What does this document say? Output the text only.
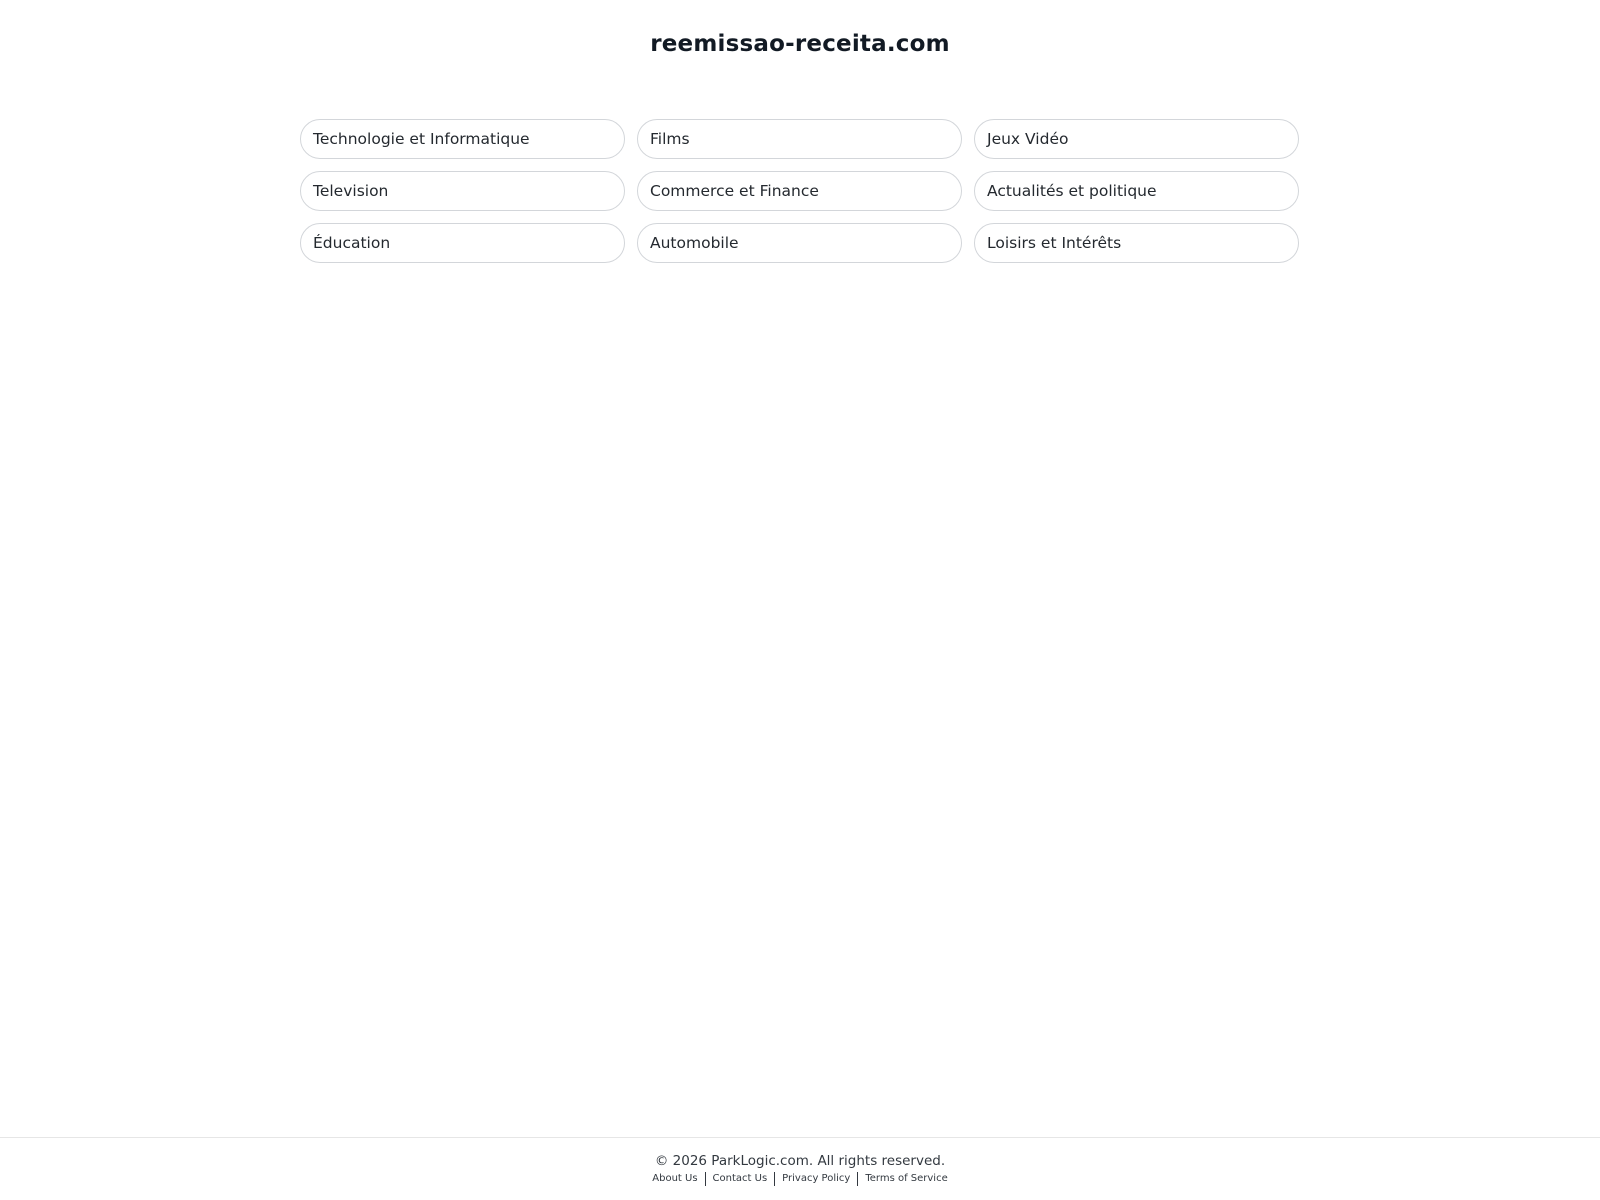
reemissao-receita.com
Technologie et Informatique	Films	Jeux Vidéo
Television	Commerce et Finance	Actualités et politique
Éducation	Automobile	Loisirs et Intérêts
© 2026 ParkLogic.com. All rights reserved.
About Us	Contact Us	Privacy Policy	Terms of Service
